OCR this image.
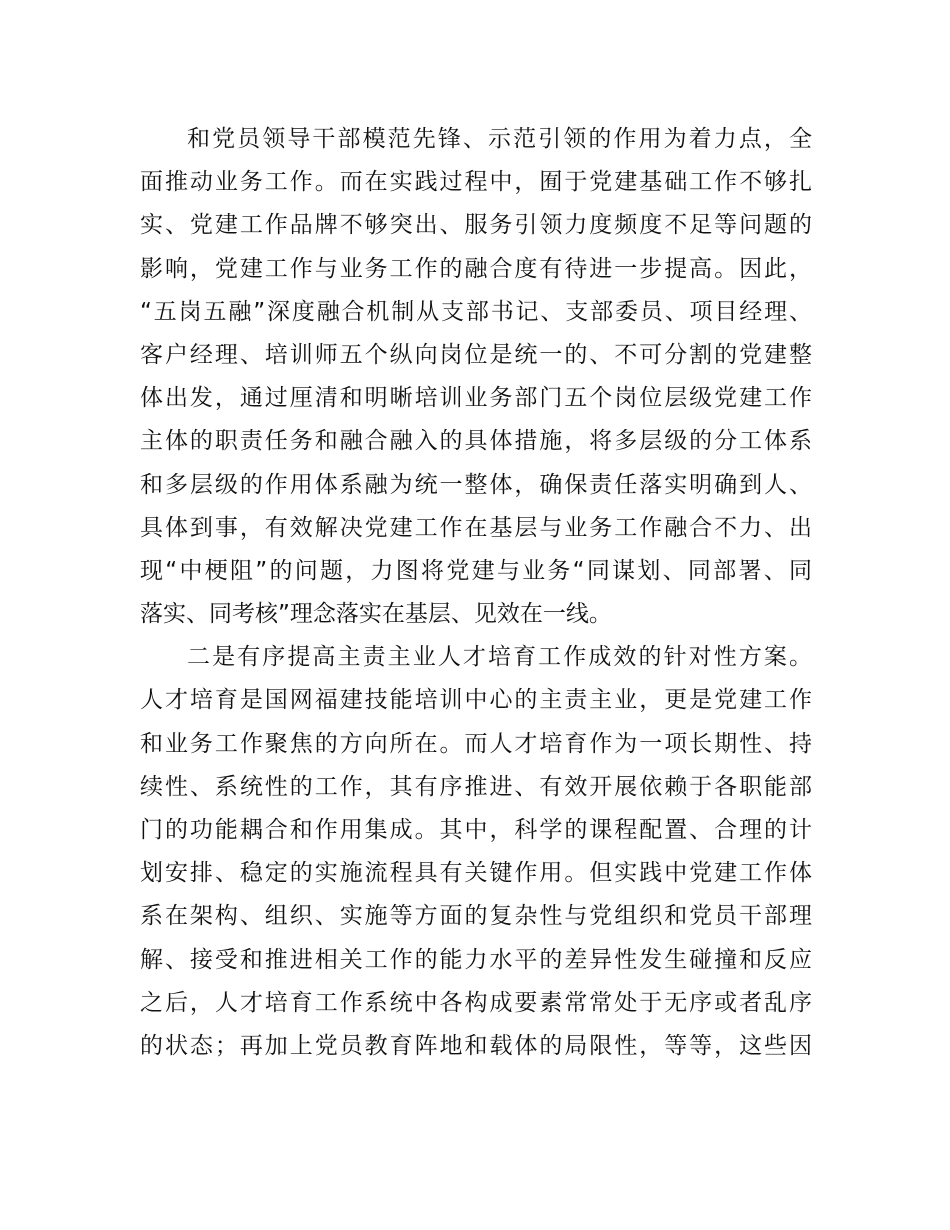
和党员领导干部模范先锋、示范引领的作用为着力点，全
面推动业务工作。而在实践过程中，囿于党建基础工作不够扎
实、党建工作品牌不够突出、服务引领力度频度不足等问题的
影响，党建工作与业务工作的融合度有待进一步提高。因此，
“五岗五融”深度融合机制从支部书记、支部委员、项目经理、
客户经理、培训师五个纵向岗位是统一的、不可分割的党建整
体出发，通过厘清和明晰培训业务部门五个岗位层级党建工作
主体的职责任务和融合融入的具体措施，将多层级的分工体系
和多层级的作用体系融为统一整体，确保责任落实明确到人、
具体到事，有效解决党建工作在基层与业务工作融合不力、出
现“中梗阻”的问题，力图将党建与业务“同谋划、同部署、同
落实、同考核”理念落实在基层、见效在一线。
二是有序提高主责主业人才培育工作成效的针对性方案。
人才培育是国网福建技能培训中心的主责主业，更是党建工作
和业务工作聚焦的方向所在。而人才培育作为一项长期性、持
续性、系统性的工作，其有序推进、有效开展依赖于各职能部
门的功能耦合和作用集成。其中，科学的课程配置、合理的计
划安排、稳定的实施流程具有关键作用。但实践中党建工作体
系在架构、组织、实施等方面的复杂性与党组织和党员干部理
解、接受和推进相关工作的能力水平的差异性发生碰撞和反应
之后，人才培育工作系统中各构成要素常常处于无序或者乱序
的状态；再加上党员教育阵地和载体的局限性，等等，这些因
